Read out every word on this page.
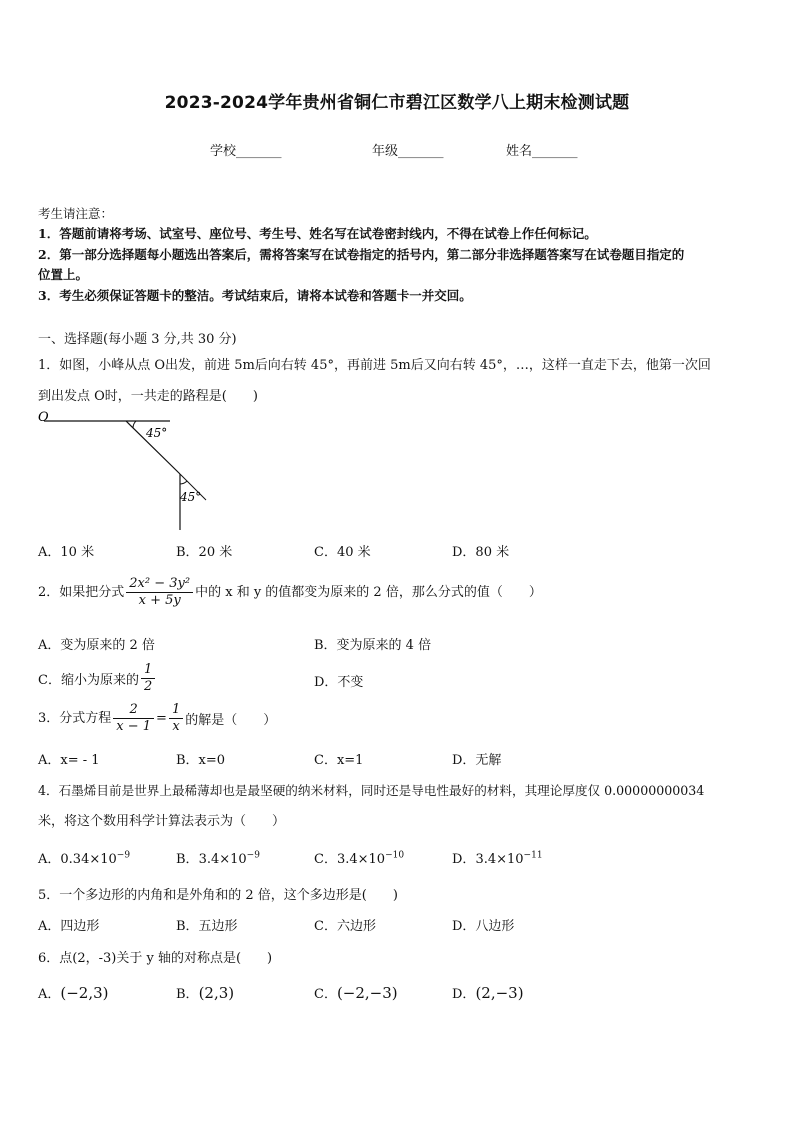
2023-2024学年贵州省铜仁市碧江区数学八上期末检测试题
学校_______	年级_______	姓名_______
考生请注意：
1．答题前请将考场、试室号、座位号、考生号、姓名写在试卷密封线内，不得在试卷上作任何标记。
2．第一部分选择题每小题选出答案后，需将答案写在试卷指定的括号内，第二部分非选择题答案写在试卷题目指定的
位置上。
3．考生必须保证答题卡的整洁。考试结束后，请将本试卷和答题卡一并交回。
一、选择题(每小题 3 分,共 30 分)
1．如图，小峰从点 O出发，前进 5m后向右转 45°，再前进 5m后又向右转 45°，…，这样一直走下去，他第一次回
到出发点 O时，一共走的路程是(　　)
O
45°
45°
A．10 米	B．20 米	C．40 米	D．80 米
2．如果把分式 $\frac{\text{2x² − 3y²}}{x + 5y}$ 中的 x 和 y 的值都变为原来的 2 倍，那么分式的值（　　）
A．变为原来的 2 倍	B．变为原来的 4 倍
C．缩小为原来的 $\frac{1}{2}$	D．不变
3．分式方程 $\frac{2}{x - 1} = \frac{1}{x}$ 的解是（　　）
A．x= - 1	B．x=0	C．x=1	D．无解
4．石墨烯目前是世界上最稀薄却也是最坚硬的纳米材料，同时还是导电性最好的材料，其理论厚度仅 0.00000000034
米，将这个数用科学计算法表示为（　　）
A．$0.34\times 10^{-9}$	B．$3.4\times 10^{-9}$	C．$3.4\times 10^{-10}$	D．$3.4\times 10^{-11}$
5．一个多边形的内角和是外角和的 2 倍，这个多边形是(　　)
A．四边形	B．五边形	C．六边形	D．八边形
6．点(2，-3)关于 y 轴的对称点是(　　)
A．(−2,3)	B．(2,3)	C．(−2,−3)	D．(2,−3)
